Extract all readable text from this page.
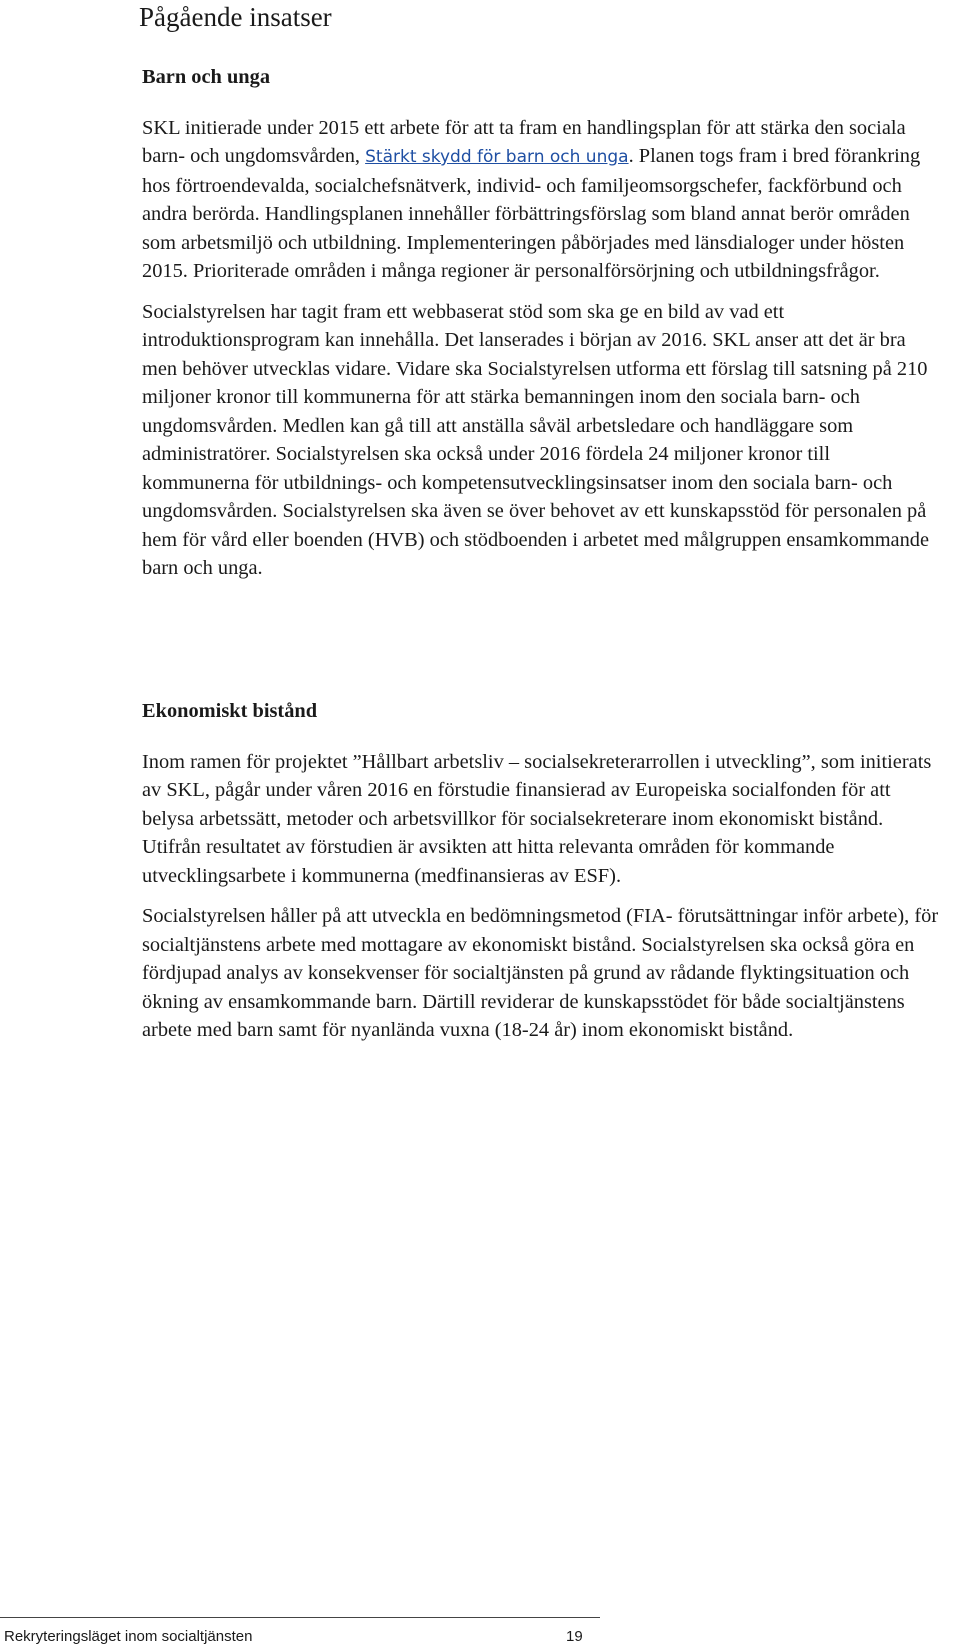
Pågående insatser
Barn och unga

SKL initierade under 2015 ett arbete för att ta fram en handlingsplan för att stärka den sociala barn- och ungdomsvården, Stärkt skydd för barn och unga. Planen togs fram i bred förankring hos förtroendevalda, socialchefsnätverk, individ- och familjeomsorgschefer, fackförbund och andra berörda. Handlingsplanen innehåller förbättringsförslag som bland annat berör områden som arbetsmiljö och utbildning. Implementeringen påbörjades med länsdialoger under hösten 2015. Prioriterade områden i många regioner är personalförsörjning och utbildningsfrågor.

Socialstyrelsen har tagit fram ett webbaserat stöd som ska ge en bild av vad ett introduktionsprogram kan innehålla. Det lanserades i början av 2016. SKL anser att det är bra men behöver utvecklas vidare. Vidare ska Socialstyrelsen utforma ett förslag till satsning på 210 miljoner kronor till kommunerna för att stärka bemanningen inom den sociala barn- och ungdomsvården. Medlen kan gå till att anställa såväl arbetsledare och handläggare som administratörer. Socialstyrelsen ska också under 2016 fördela 24 miljoner kronor till kommunerna för utbildnings- och kompetensutvecklingsinsatser inom den sociala barn- och ungdomsvården. Socialstyrelsen ska även se över behovet av ett kunskapsstöd för personalen på hem för vård eller boenden (HVB) och stödboenden i arbetet med målgruppen ensamkommande barn och unga.

Ekonomiskt bistånd

Inom ramen för projektet ”Hållbart arbetsliv – socialsekreterarrollen i utveckling”, som initierats av SKL, pågår under våren 2016 en förstudie finansierad av Europeiska socialfonden för att belysa arbetssätt, metoder och arbetsvillkor för socialsekreterare inom ekonomiskt bistånd. Utifrån resultatet av förstudien är avsikten att hitta relevanta områden för kommande utvecklingsarbete i kommunerna (medfinansieras av ESF).

Socialstyrelsen håller på att utveckla en bedömningsmetod (FIA- förutsättningar inför arbete), för socialtjänstens arbete med mottagare av ekonomiskt bistånd. Socialstyrelsen ska också göra en fördjupad analys av konsekvenser för socialtjänsten på grund av rådande flyktingsituation och ökning av ensamkommande barn. Därtill reviderar de kunskapsstödet för både socialtjänstens arbete med barn samt för nyanlända vuxna (18-24 år) inom ekonomiskt bistånd.

Rekryteringsläget inom socialtjänsten	19
